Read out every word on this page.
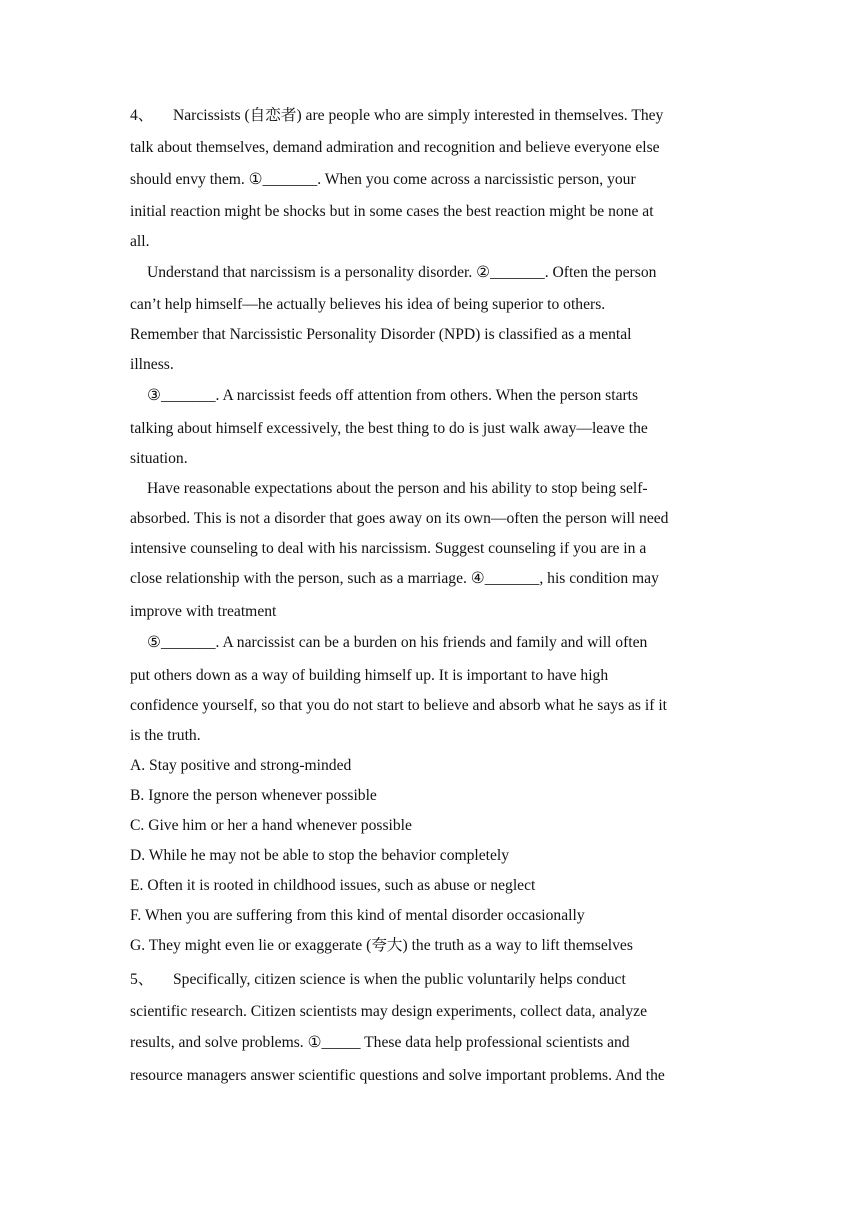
4、 Narcissists (自恋者) are people who are simply interested in themselves. They
talk about themselves, demand admiration and recognition and believe everyone else
should envy them. ①_______. When you come across a narcissistic person, your
initial reaction might be shocks but in some cases the best reaction might be none at
all.
Understand that narcissism is a personality disorder. ②_______. Often the person
can’t help himself—he actually believes his idea of being superior to others.
Remember that Narcissistic Personality Disorder (NPD) is classified as a mental
illness.
③_______. A narcissist feeds off attention from others. When the person starts
talking about himself excessively, the best thing to do is just walk away—leave the
situation.
Have reasonable expectations about the person and his ability to stop being self-
absorbed. This is not a disorder that goes away on its own—often the person will need
intensive counseling to deal with his narcissism. Suggest counseling if you are in a
close relationship with the person, such as a marriage. ④_______, his condition may
improve with treatment
⑤_______. A narcissist can be a burden on his friends and family and will often
put others down as a way of building himself up. It is important to have high
confidence yourself, so that you do not start to believe and absorb what he says as if it
is the truth.
A. Stay positive and strong-minded
B. Ignore the person whenever possible
C. Give him or her a hand whenever possible
D. While he may not be able to stop the behavior completely
E. Often it is rooted in childhood issues, such as abuse or neglect
F. When you are suffering from this kind of mental disorder occasionally
G. They might even lie or exaggerate (夸大) the truth as a way to lift themselves
5、 Specifically, citizen science is when the public voluntarily helps conduct
scientific research. Citizen scientists may design experiments, collect data, analyze
results, and solve problems. ①_____ These data help professional scientists and
resource managers answer scientific questions and solve important problems. And the
